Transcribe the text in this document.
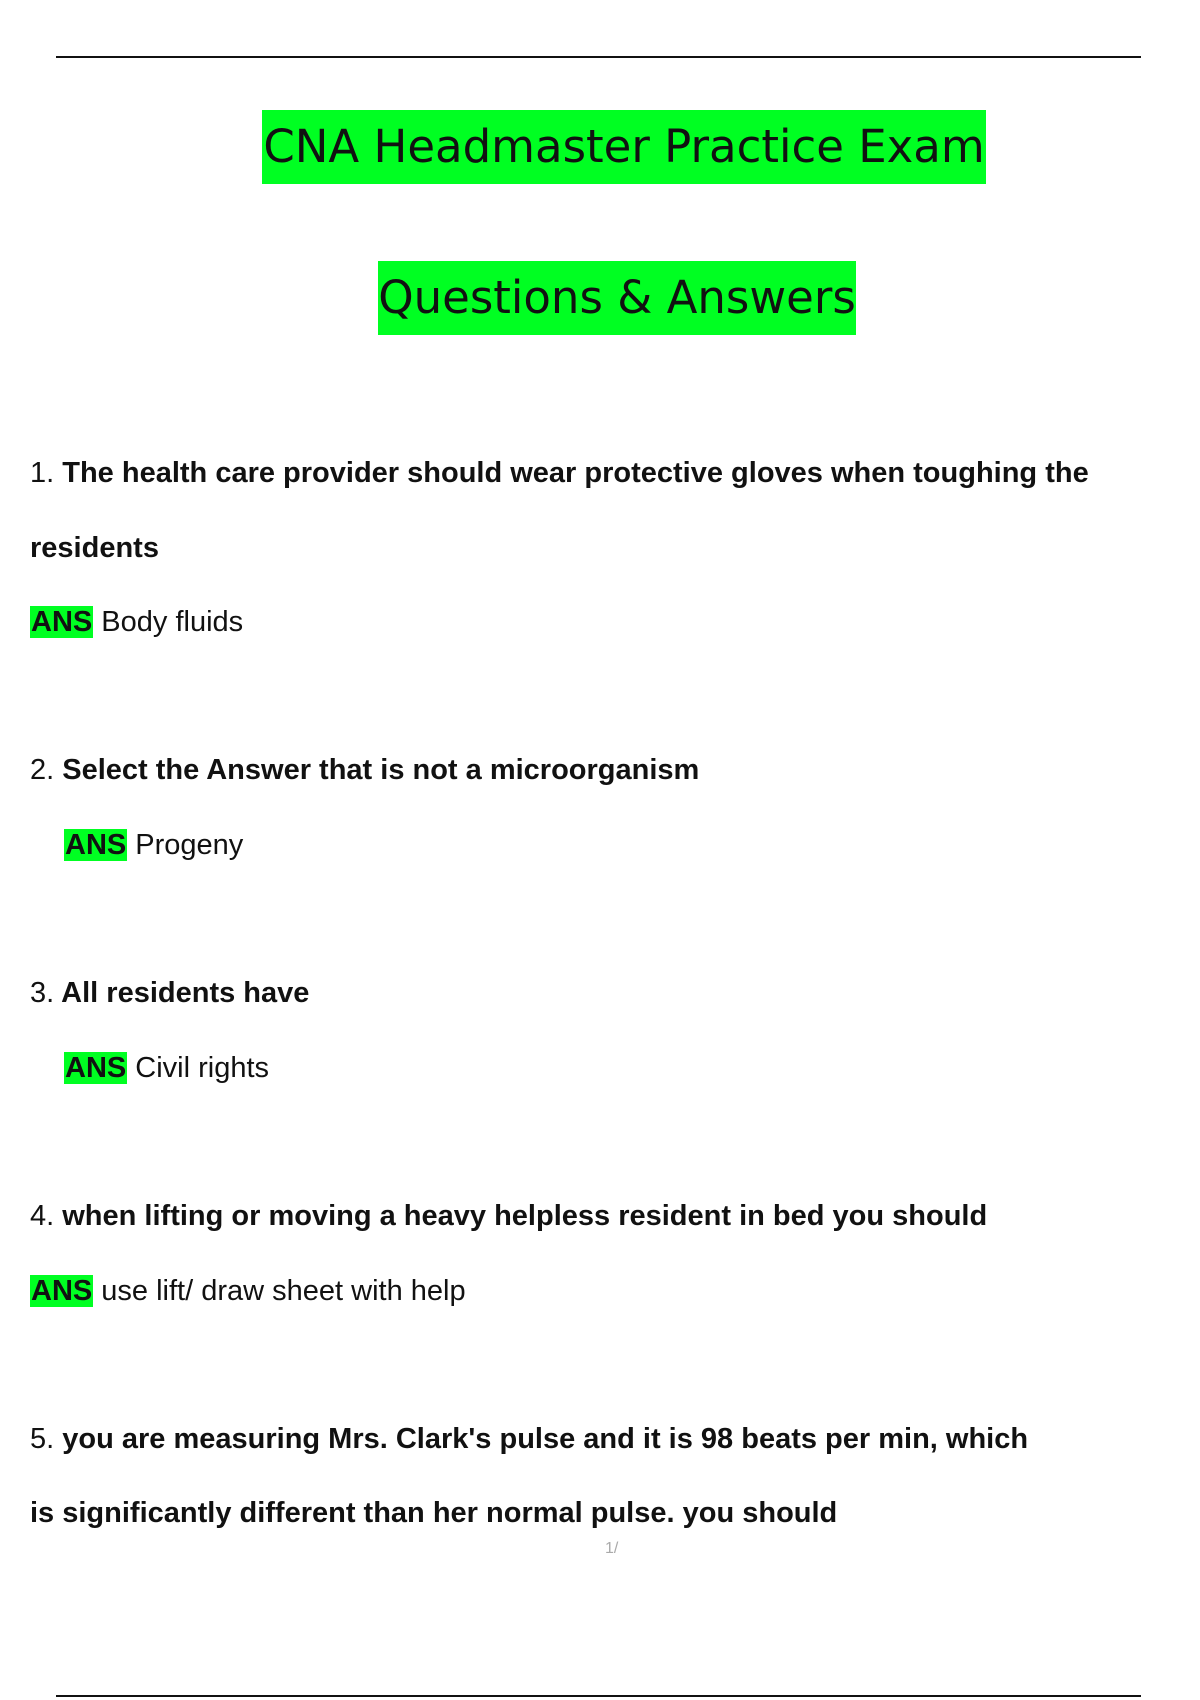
CNA Headmaster Practice Exam
Questions & Answers
1. The health care provider should wear protective gloves when toughing the
residents
ANS Body fluids
2. Select the Answer that is not a microorganism
ANS Progeny
3. All residents have
ANS Civil rights
4. when lifting or moving a heavy helpless resident in bed you should
ANS use lift/ draw sheet with help
5. you are measuring Mrs. Clark's pulse and it is 98 beats per min, which
is significantly different than her normal pulse. you should
1/
